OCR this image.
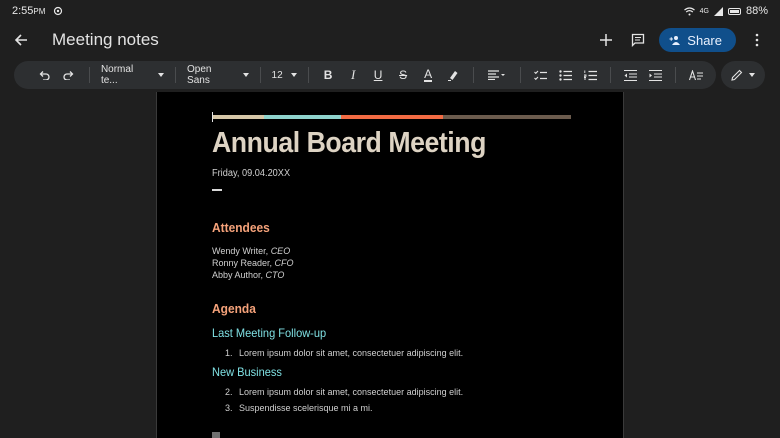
2:55PM	4G	88%
Meeting notes	Share
Normal te...
Open Sans	12	B	I	U	S	A
Annual Board Meeting
Friday, 09.04.20XX
Attendees
Wendy Writer, CEO
Ronny Reader, CFO
Abby Author, CTO
Agenda
Last Meeting Follow-up
1. Lorem ipsum dolor sit amet, consectetuer adipiscing elit.
New Business
2. Lorem ipsum dolor sit amet, consectetuer adipiscing elit.
3. Suspendisse scelerisque mi a mi.
